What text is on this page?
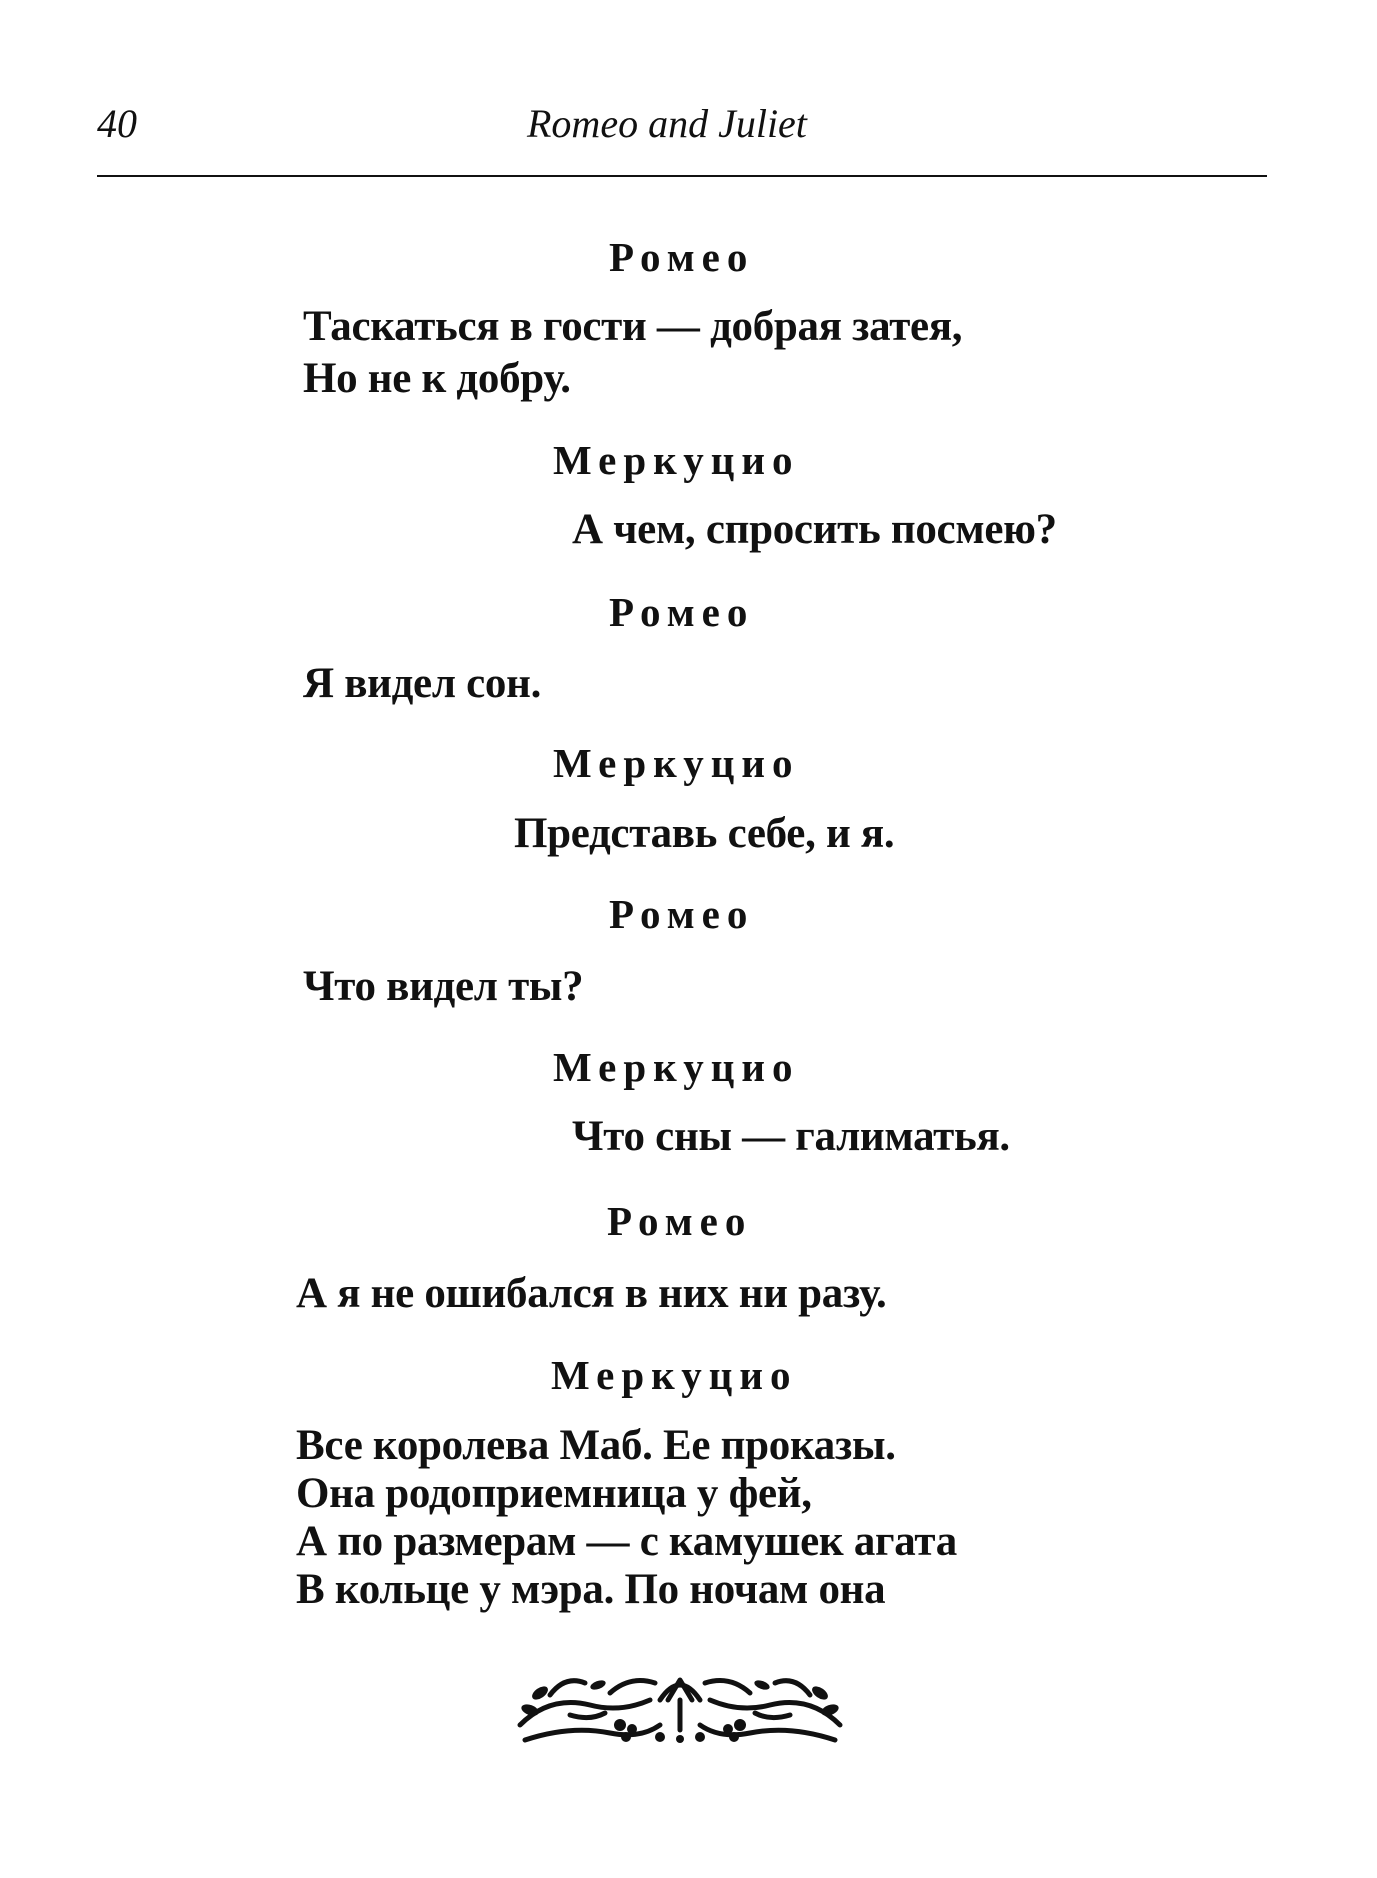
40	Romeo and Juliet
Ромео
Таскаться в гости — добрая затея,
Но не к добру.
Меркуцио
А чем, спросить посмею?
Ромео
Я видел сон.
Меркуцио
Представь себе, и я.
Ромео
Что видел ты?
Меркуцио
Что сны — галиматья.
Ромео
А я не ошибался в них ни разу.
Меркуцио
Все королева Маб. Ее проказы.
Она родоприемница у фей,
А по размерам — с камушек агата
В кольце у мэра. По ночам она
